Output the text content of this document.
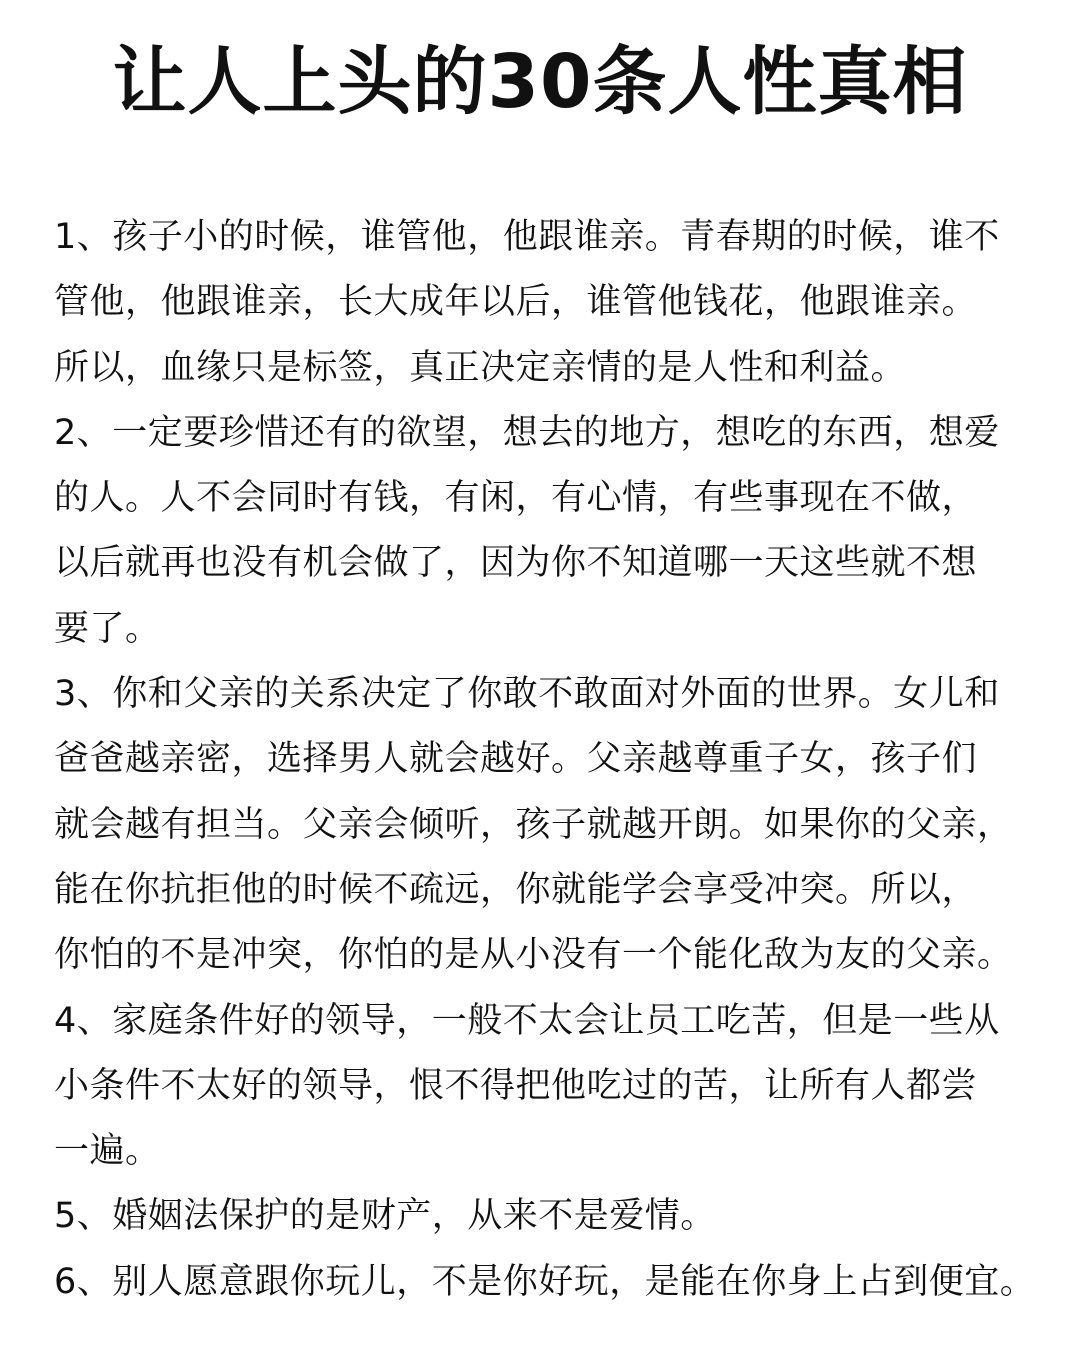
让人上头的30条人性真相
1、孩子小的时候，谁管他，他跟谁亲。青春期的时候，谁不
管他，他跟谁亲，长大成年以后，谁管他钱花，他跟谁亲。
所以，血缘只是标签，真正决定亲情的是人性和利益。
2、一定要珍惜还有的欲望，想去的地方，想吃的东西，想爱
的人。人不会同时有钱，有闲，有心情，有些事现在不做，
以后就再也没有机会做了，因为你不知道哪一天这些就不想
要了。
3、你和父亲的关系决定了你敢不敢面对外面的世界。女儿和
爸爸越亲密，选择男人就会越好。父亲越尊重子女，孩子们
就会越有担当。父亲会倾听，孩子就越开朗。如果你的父亲，
能在你抗拒他的时候不疏远，你就能学会享受冲突。所以，
你怕的不是冲突，你怕的是从小没有一个能化敌为友的父亲。
4、家庭条件好的领导，一般不太会让员工吃苦，但是一些从
小条件不太好的领导，恨不得把他吃过的苦，让所有人都尝
一遍。
5、婚姻法保护的是财产，从来不是爱情。
6、别人愿意跟你玩儿，不是你好玩，是能在你身上占到便宜。
